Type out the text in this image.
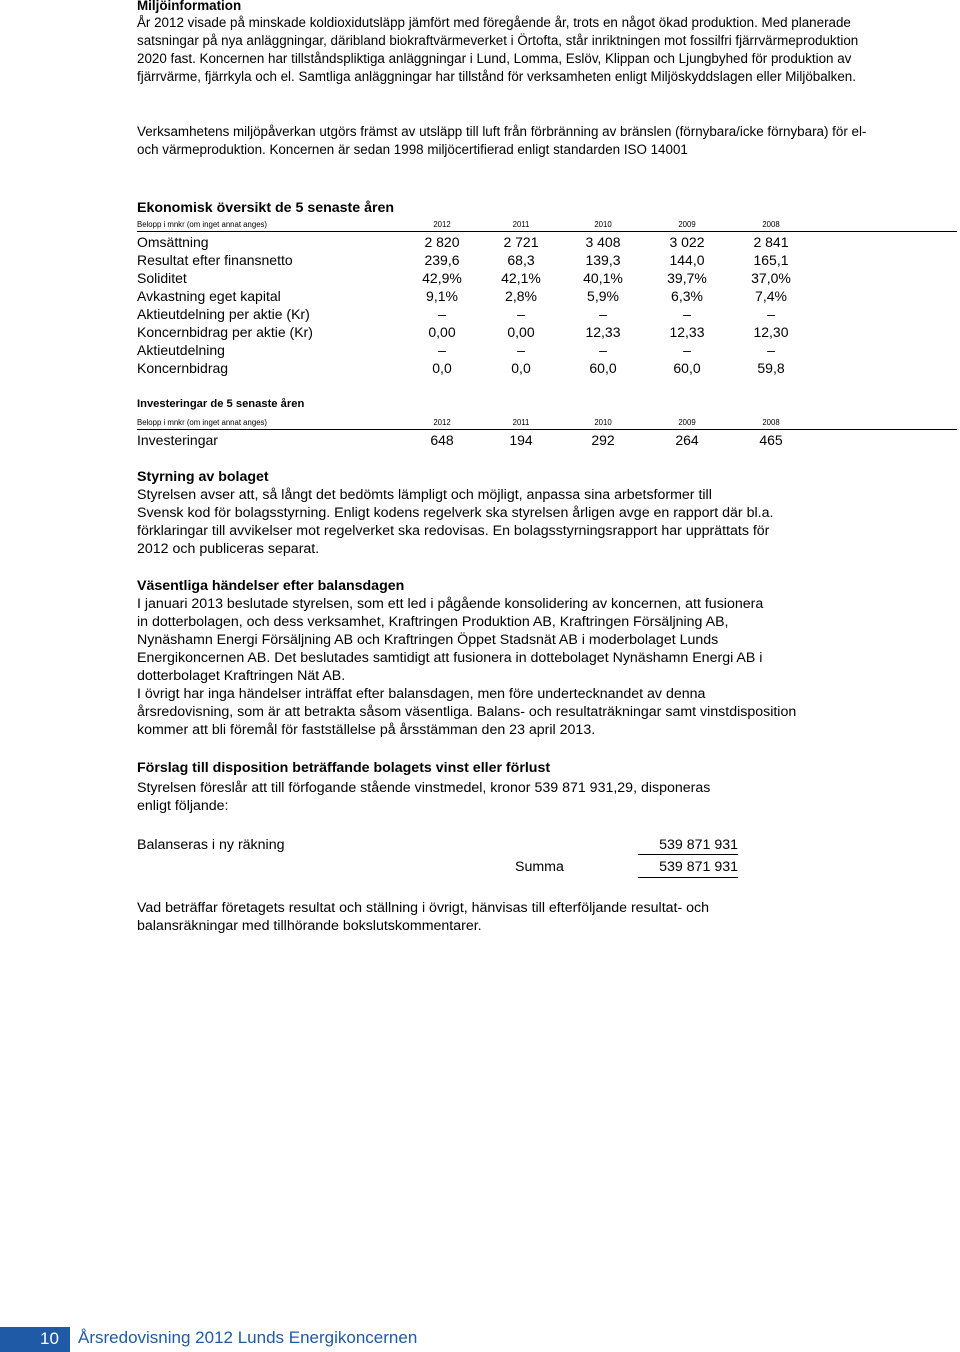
Miljöinformation
År 2012 visade på minskade koldioxidutsläpp jämfört med föregående år, trots en något ökad produktion. Med planerade
satsningar på nya anläggningar, däribland biokraftvärmeverket i Örtofta, står inriktningen mot fossilfri fjärrvärmeproduktion
2020 fast. Koncernen har tillståndspliktiga anläggningar i Lund, Lomma, Eslöv, Klippan och Ljungbyhed för produktion av
fjärrvärme, fjärrkyla och el. Samtliga anläggningar har tillstånd för verksamheten enligt Miljöskyddslagen eller Miljöbalken.
Verksamhetens miljöpåverkan utgörs främst av utsläpp till luft från förbränning av bränslen (förnybara/icke förnybara) för el-
och värmeproduktion. Koncernen är sedan 1998 miljöcertifierad enligt standarden ISO 14001
Ekonomisk översikt de 5 senaste åren
Belopp i mnkr (om inget annat anges)	2012	2011	2010	2009	2008
Omsättning	2 820	2 721	3 408	3 022	2 841
Resultat efter finansnetto	239,6	68,3	139,3	144,0	165,1
Soliditet	42,9%	42,1%	40,1%	39,7%	37,0%
Avkastning eget kapital	9,1%	2,8%	5,9%	6,3%	7,4%
Aktieutdelning per aktie (Kr)	–	–	–	–	–
Koncernbidrag per aktie (Kr)	0,00	0,00	12,33	12,33	12,30
Aktieutdelning	–	–	–	–	–
Koncernbidrag	0,0	0,0	60,0	60,0	59,8
Investeringar de 5 senaste åren
Belopp i mnkr (om inget annat anges)	2012	2011	2010	2009	2008
Investeringar	648	194	292	264	465
Styrning av bolaget
Styrelsen avser att, så långt det bedömts lämpligt och möjligt, anpassa sina arbetsformer till
Svensk kod för bolagsstyrning. Enligt kodens regelverk ska styrelsen årligen avge en rapport där bl.a.
förklaringar till avvikelser mot regelverket ska redovisas. En bolagsstyrningsrapport har upprättats för
2012 och publiceras separat.
Väsentliga händelser efter balansdagen
I januari 2013 beslutade styrelsen, som ett led i pågående konsolidering av koncernen, att fusionera
in dotterbolagen, och dess verksamhet, Kraftringen Produktion AB, Kraftringen Försäljning AB,
Nynäshamn Energi Försäljning AB och Kraftringen Öppet Stadsnät AB i moderbolaget Lunds
Energikoncernen AB. Det beslutades samtidigt att fusionera in dottebolaget Nynäshamn Energi AB i
dotterbolaget Kraftringen Nät AB.
I övrigt har inga händelser inträffat efter balansdagen, men före undertecknandet av denna
årsredovisning, som är att betrakta såsom väsentliga. Balans- och resultaträkningar samt vinstdisposition
kommer att bli föremål för fastställelse på årsstämman den 23 april 2013.
Förslag till disposition beträffande bolagets vinst eller förlust
Styrelsen föreslår att till förfogande stående vinstmedel, kronor 539 871 931,29, disponeras
enligt följande:
Balanseras i ny räkning	539 871 931
Summa	539 871 931
Vad beträffar företagets resultat och ställning i övrigt, hänvisas till efterföljande resultat- och
balansräkningar med tillhörande bokslutskommentarer.
10 Årsredovisning 2012 Lunds Energikoncernen
